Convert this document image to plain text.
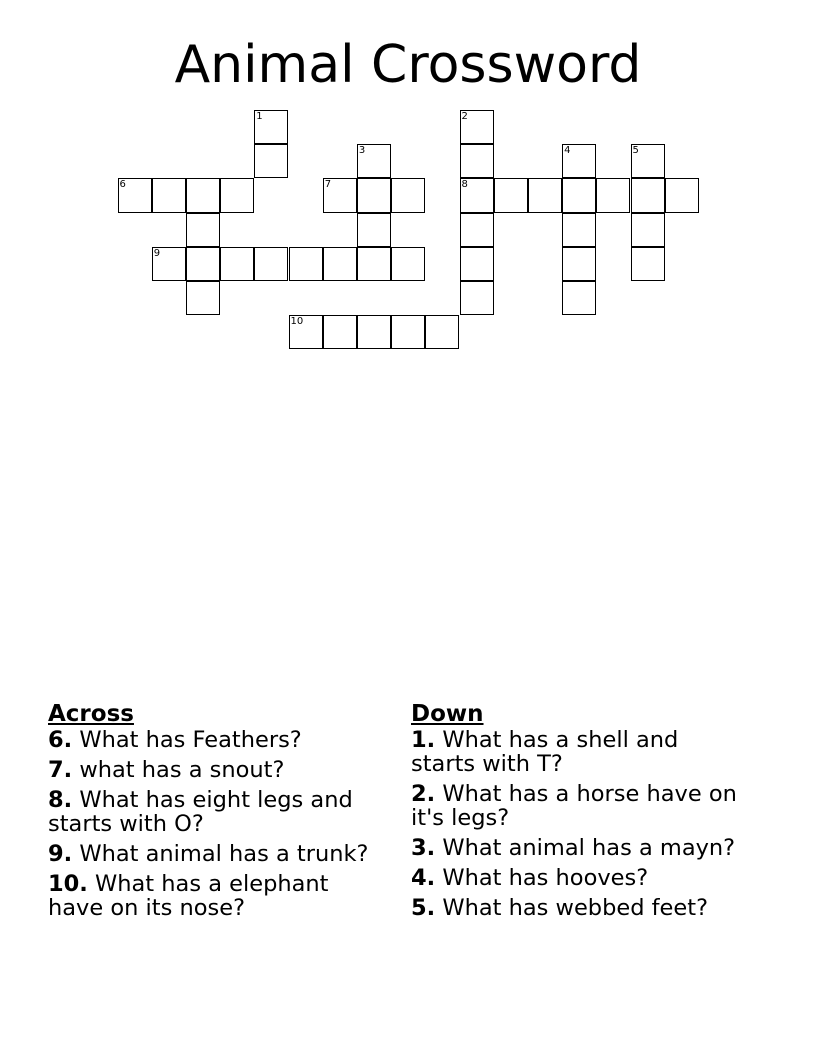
Animal Crossword
1	2
3	4	5
6	7	8
9
10
Across
6. What has Feathers?
7. what has a snout?
8. What has eight legs and starts with O?
9. What animal has a trunk?
10. What has a elephant have on its nose?
Down
1. What has a shell and starts with T?
2. What has a horse have on it's legs?
3. What animal has a mayn?
4. What has hooves?
5. What has webbed feet?
